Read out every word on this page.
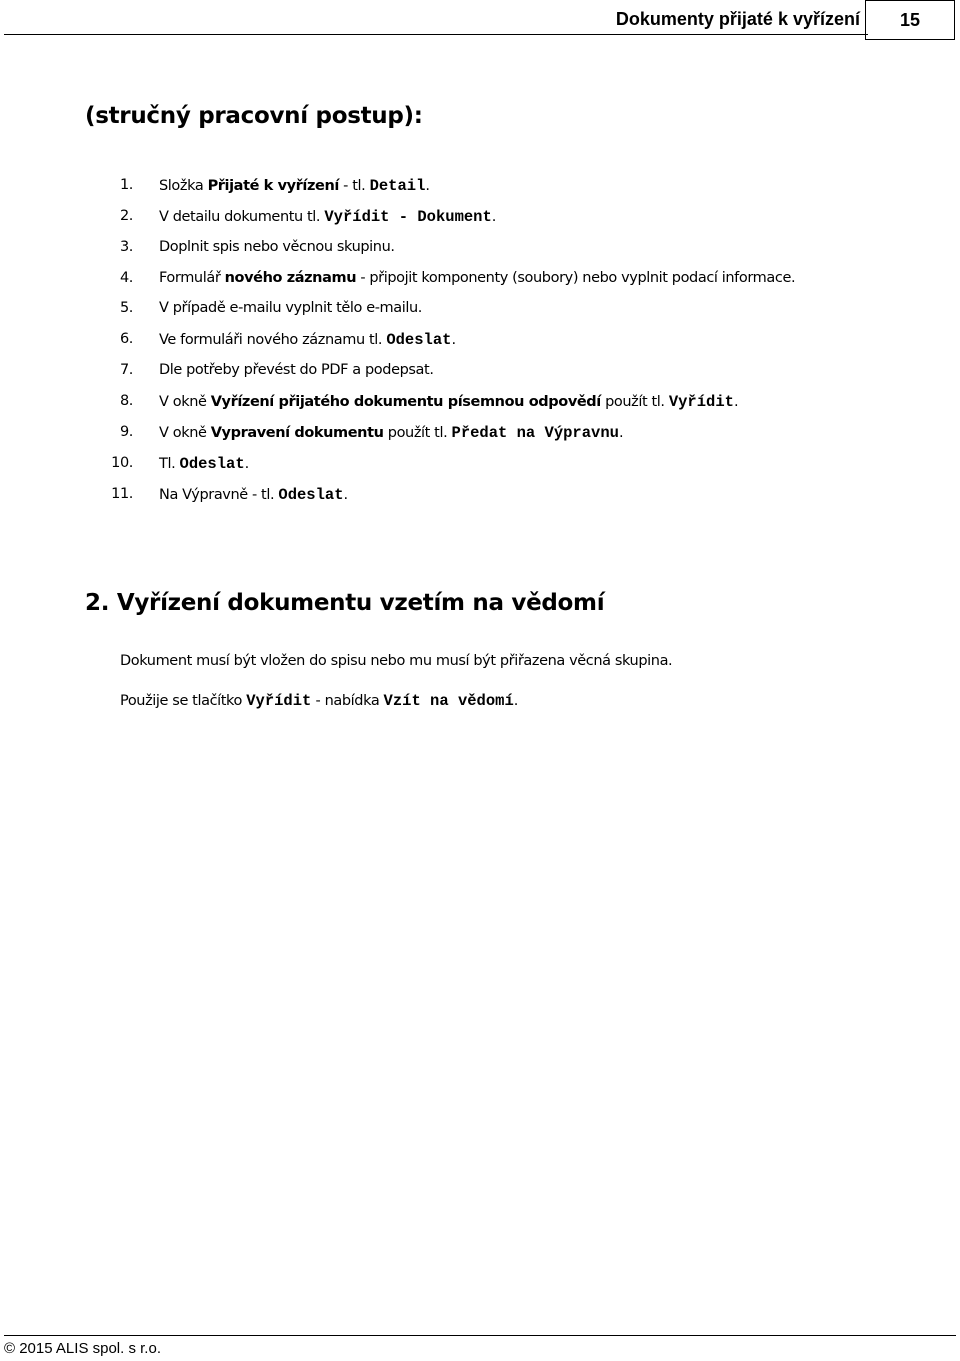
Dokumenty přijaté k vyřízení	15
(stručný pracovní postup):
1. Složka Přijaté k vyřízení - tl. Detail.
2. V detailu dokumentu tl. Vyřídit - Dokument.
3. Doplnit spis nebo věcnou skupinu.
4. Formulář nového záznamu - připojit komponenty (soubory) nebo vyplnit podací informace.
5. V případě e-mailu vyplnit tělo e-mailu.
6. Ve formuláři nového záznamu tl. Odeslat.
7. Dle potřeby převést do PDF a podepsat.
8. V okně Vyřízení přijatého dokumentu písemnou odpovědí použít tl. Vyřídit.
9. V okně Vypravení dokumentu použít tl. Předat na Výpravnu.
10. Tl. Odeslat.
11. Na Výpravně - tl. Odeslat.
2. Vyřízení dokumentu vzetím na vědomí
Dokument musí být vložen do spisu nebo mu musí být přiřazena věcná skupina.
Použije se tlačítko Vyřídit - nabídka Vzít na vědomí.
© 2015 ALIS spol. s r.o.
